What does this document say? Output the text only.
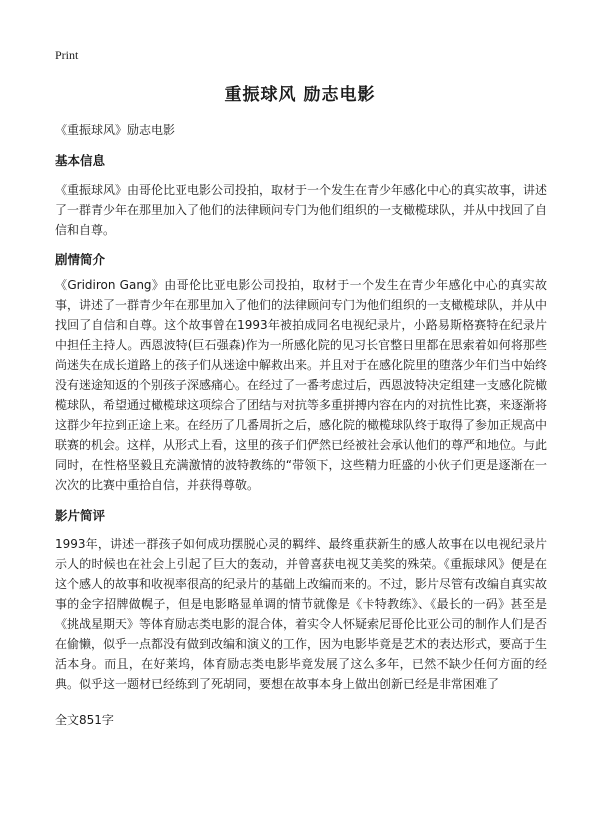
Print
重振球风 励志电影
《重振球风》励志电影
基本信息

《重振球风》由哥伦比亚电影公司投拍，取材于一个发生在青少年感化中心的真实故事，讲述了一群青少年在那里加入了他们的法律顾问专门为他们组织的一支橄榄球队，并从中找回了自信和自尊。

剧情简介

《Gridiron Gang》由哥伦比亚电影公司投拍，取材于一个发生在青少年感化中心的真实故事，讲述了一群青少年在那里加入了他们的法律顾问专门为他们组织的一支橄榄球队，并从中找回了自信和自尊。这个故事曾在1993年被拍成同名电视纪录片，小路易斯格赛特在纪录片中担任主持人。西恩波特(巨石强森)作为一所感化院的见习长官整日里都在思索着如何将那些尚迷失在成长道路上的孩子们从迷途中解救出来。并且对于在感化院里的堕落少年们当中始终没有迷途知返的个别孩子深感痛心。在经过了一番考虑过后，西恩波特决定组建一支感化院橄榄球队，希望通过橄榄球这项综合了团结与对抗等多重拼搏内容在内的对抗性比赛，来逐渐将这群少年拉到正途上来。在经历了几番周折之后，感化院的橄榄球队终于取得了参加正规高中联赛的机会。这样，从形式上看，这里的孩子们俨然已经被社会承认他们的尊严和地位。与此同时，在性格坚毅且充满激情的波特教练的“带领下，这些精力旺盛的小伙子们更是逐渐在一次次的比赛中重拾自信，并获得尊敬。

影片简评

1993年，讲述一群孩子如何成功摆脱心灵的羁绊、最终重获新生的感人故事在以电视纪录片示人的时候也在社会上引起了巨大的轰动，并曾喜获电视艾美奖的殊荣。《重振球风》便是在这个感人的故事和收视率很高的纪录片的基础上改编而来的。不过，影片尽管有改编自真实故事的金字招牌做幌子，但是电影略显单调的情节就像是《卡特教练》、《最长的一码》甚至是《挑战星期天》等体育励志类电影的混合体，着实令人怀疑索尼哥伦比亚公司的制作人们是否在偷懒，似乎一点都没有做到改编和演义的工作，因为电影毕竟是艺术的表达形式，要高于生活本身。而且，在好莱坞，体育励志类电影毕竟发展了这么多年，已然不缺少任何方面的经典。似乎这一题材已经练到了死胡同，要想在故事本身上做出创新已经是非常困难了

全文851字
